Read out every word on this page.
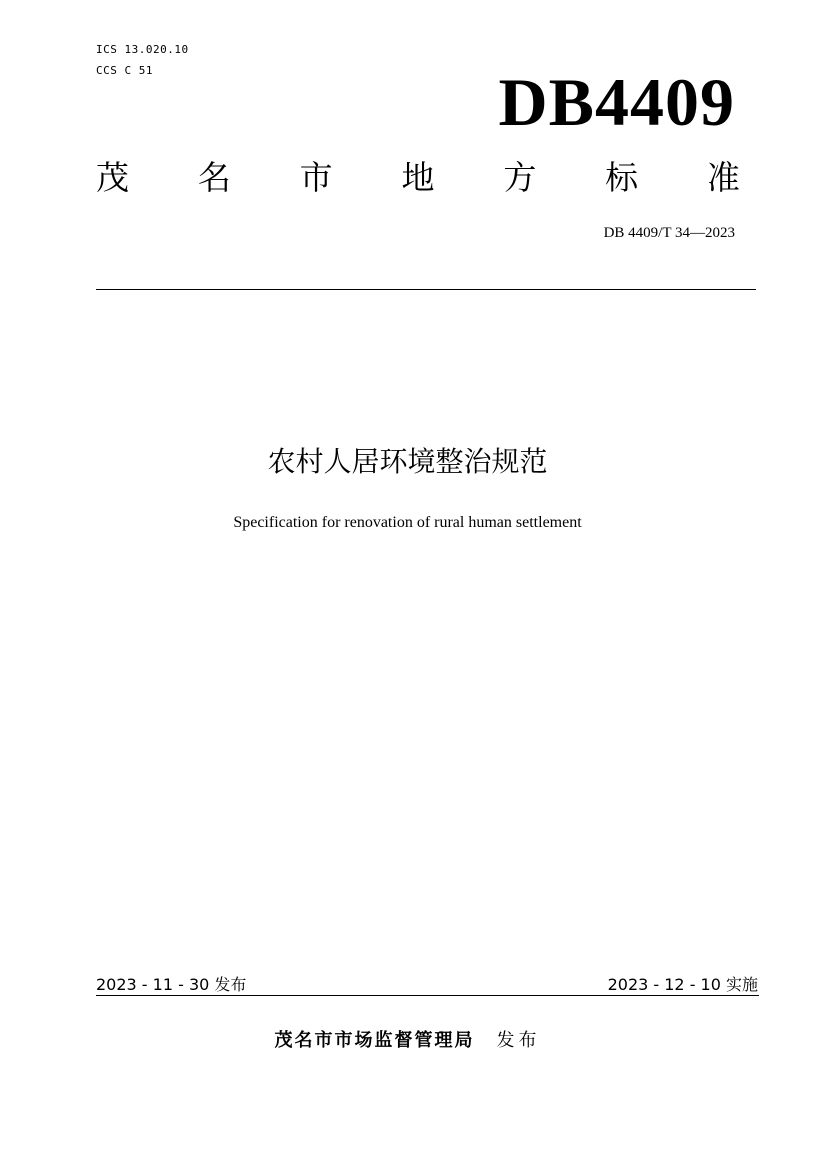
ICS 13.020.10
CCS C 51	DB4409
茂 名 市 地 方 标 准
DB 4409/T 34—2023
农村人居环境整治规范
Specification for renovation of rural human settlement
2023 - 11 - 30 发布	2023 - 12 - 10 实施
茂名市市场监督管理局 发布
